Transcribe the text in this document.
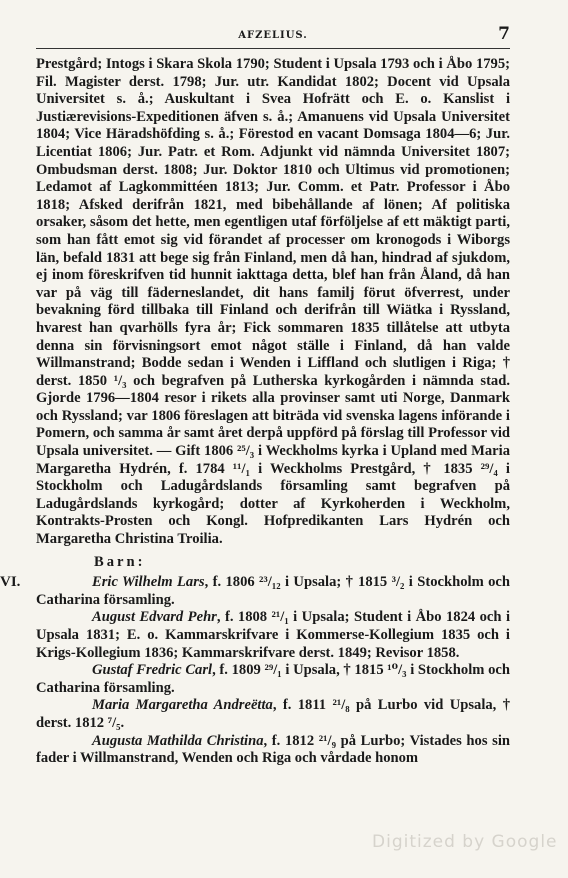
AFZELIUS.	7

Prestgård; Intogs i Skara Skola 1790; Student i Upsala 1793 och i Åbo 1795; Fil. Magister derst. 1798; Jur. utr. Kandidat 1802; Docent vid Upsala Universitet s. å.; Auskultant i Svea Hofrätt och E. o. Kanslist i Justiærevisions-Expeditionen äfven s. å.; Amanuens vid Upsala Universitet 1804; Vice Häradshöfding s. å.; Förestod en vacant Domsaga 1804—6; Jur. Licentiat 1806; Jur. Patr. et Rom. Adjunkt vid nämnda Universitet 1807; Ombudsman derst. 1808; Jur. Doktor 1810 och Ultimus vid promotionen; Ledamot af Lagkommittéen 1813; Jur. Comm. et Patr. Professor i Åbo 1818; Afsked derifrån 1821, med bibehållande af lönen; Af politiska orsaker, såsom det hette, men egentligen utaf förföljelse af ett mäktigt parti, som han fått emot sig vid förandet af processer om kronogods i Wiborgs län, befald 1831 att bege sig från Finland, men då han, hindrad af sjukdom, ej inom föreskrifven tid hunnit iakttaga detta, blef han från Åland, då han var på väg till fäderneslandet, dit hans familj förut öfverrest, under bevakning förd tillbaka till Finland och derifrån till Wiätka i Ryssland, hvarest han qvarhölls fyra år; Fick sommaren 1835 tillåtelse att utbyta denna sin förvisningsort emot något ställe i Finland, då han valde Willmanstrand; Bodde sedan i Wenden i Liffland och slutligen i Riga; † derst. 1850 ¹/₃ och begrafven på Lutherska kyrkogården i nämnda stad. Gjorde 1796—1804 resor i rikets alla provinser samt uti Norge, Danmark och Ryssland; var 1806 föreslagen att biträda vid svenska lagens införande i Pomern, och samma år samt året derpå uppförd på förslag till Professor vid Upsala universitet. — Gift 1806 ²⁵/₃ i Weckholms kyrka i Upland med Maria Margaretha Hydrén, f. 1784 ¹¹/₁ i Weckholms Prestgård, † 1835 ²⁹/₄ i Stockholm och Ladugårdslands församling samt begrafven på Ladugårdslands kyrkogård; dotter af Kyrkoherden i Weckholm, Kontrakts-Prosten och Kongl. Hofpredikanten Lars Hydrén och Margaretha Christina Troilia.

Barn:

VI.	Eric Wilhelm Lars, f. 1806 ²³/₁₂ i Upsala; † 1815 ³/₂ i Stockholm och Catharina församling.

August Edvard Pehr, f. 1808 ²¹/₁ i Upsala; Student i Åbo 1824 och i Upsala 1831; E. o. Kammarskrifvare i Kommerse-Kollegium 1835 och i Krigs-Kollegium 1836; Kammarskrifvare derst. 1849; Revisor 1858.

Gustaf Fredric Carl, f. 1809 ²⁹/₁ i Upsala, † 1815 ¹⁰/₃ i Stockholm och Catharina församling.

Maria Margaretha Andreëtta, f. 1811 ²¹/₈ på Lurbo vid Upsala, † derst. 1812 ⁷/₅.

Augusta Mathilda Christina, f. 1812 ²¹/₉ på Lurbo; Vistades hos sin fader i Willmanstrand, Wenden och Riga och vårdade honom

Digitized by Google
